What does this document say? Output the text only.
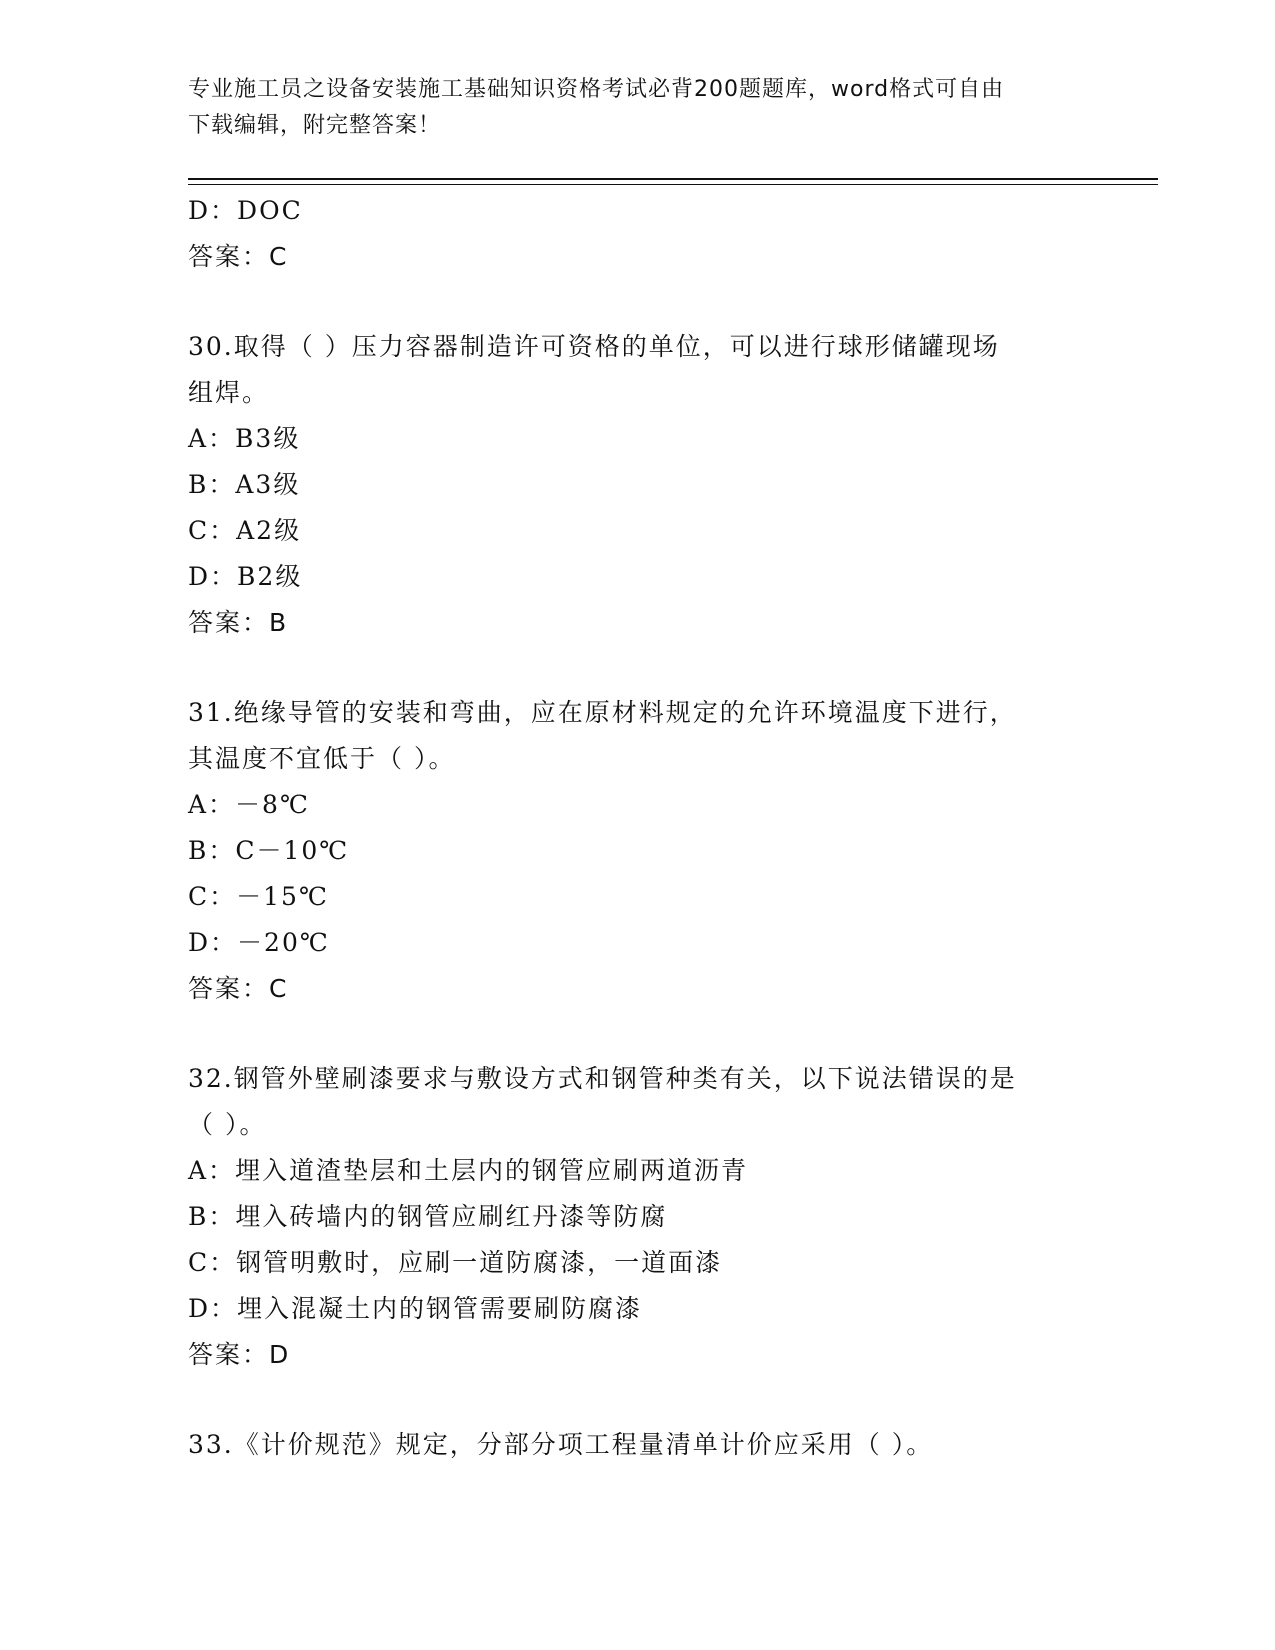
专业施工员之设备安装施工基础知识资格考试必背200题题库，word格式可自由
下载编辑，附完整答案！
D：DOC
答案：C
30.取得（ ）压力容器制造许可资格的单位，可以进行球形储罐现场
组焊。
A：B3级
B：A3级
C：A2级
D：B2级
答案：B
31.绝缘导管的安装和弯曲，应在原材料规定的允许环境温度下进行，
其温度不宜低于（ ）。
A：－8℃
B：C－10℃
C：－15℃
D：－20℃
答案：C
32.钢管外壁刷漆要求与敷设方式和钢管种类有关，以下说法错误的是
（ ）。
A：埋入道渣垫层和土层内的钢管应刷两道沥青
B：埋入砖墙内的钢管应刷红丹漆等防腐
C：钢管明敷时，应刷一道防腐漆，一道面漆
D：埋入混凝土内的钢管需要刷防腐漆
答案：D
33.《计价规范》规定，分部分项工程量清单计价应采用（ ）。
